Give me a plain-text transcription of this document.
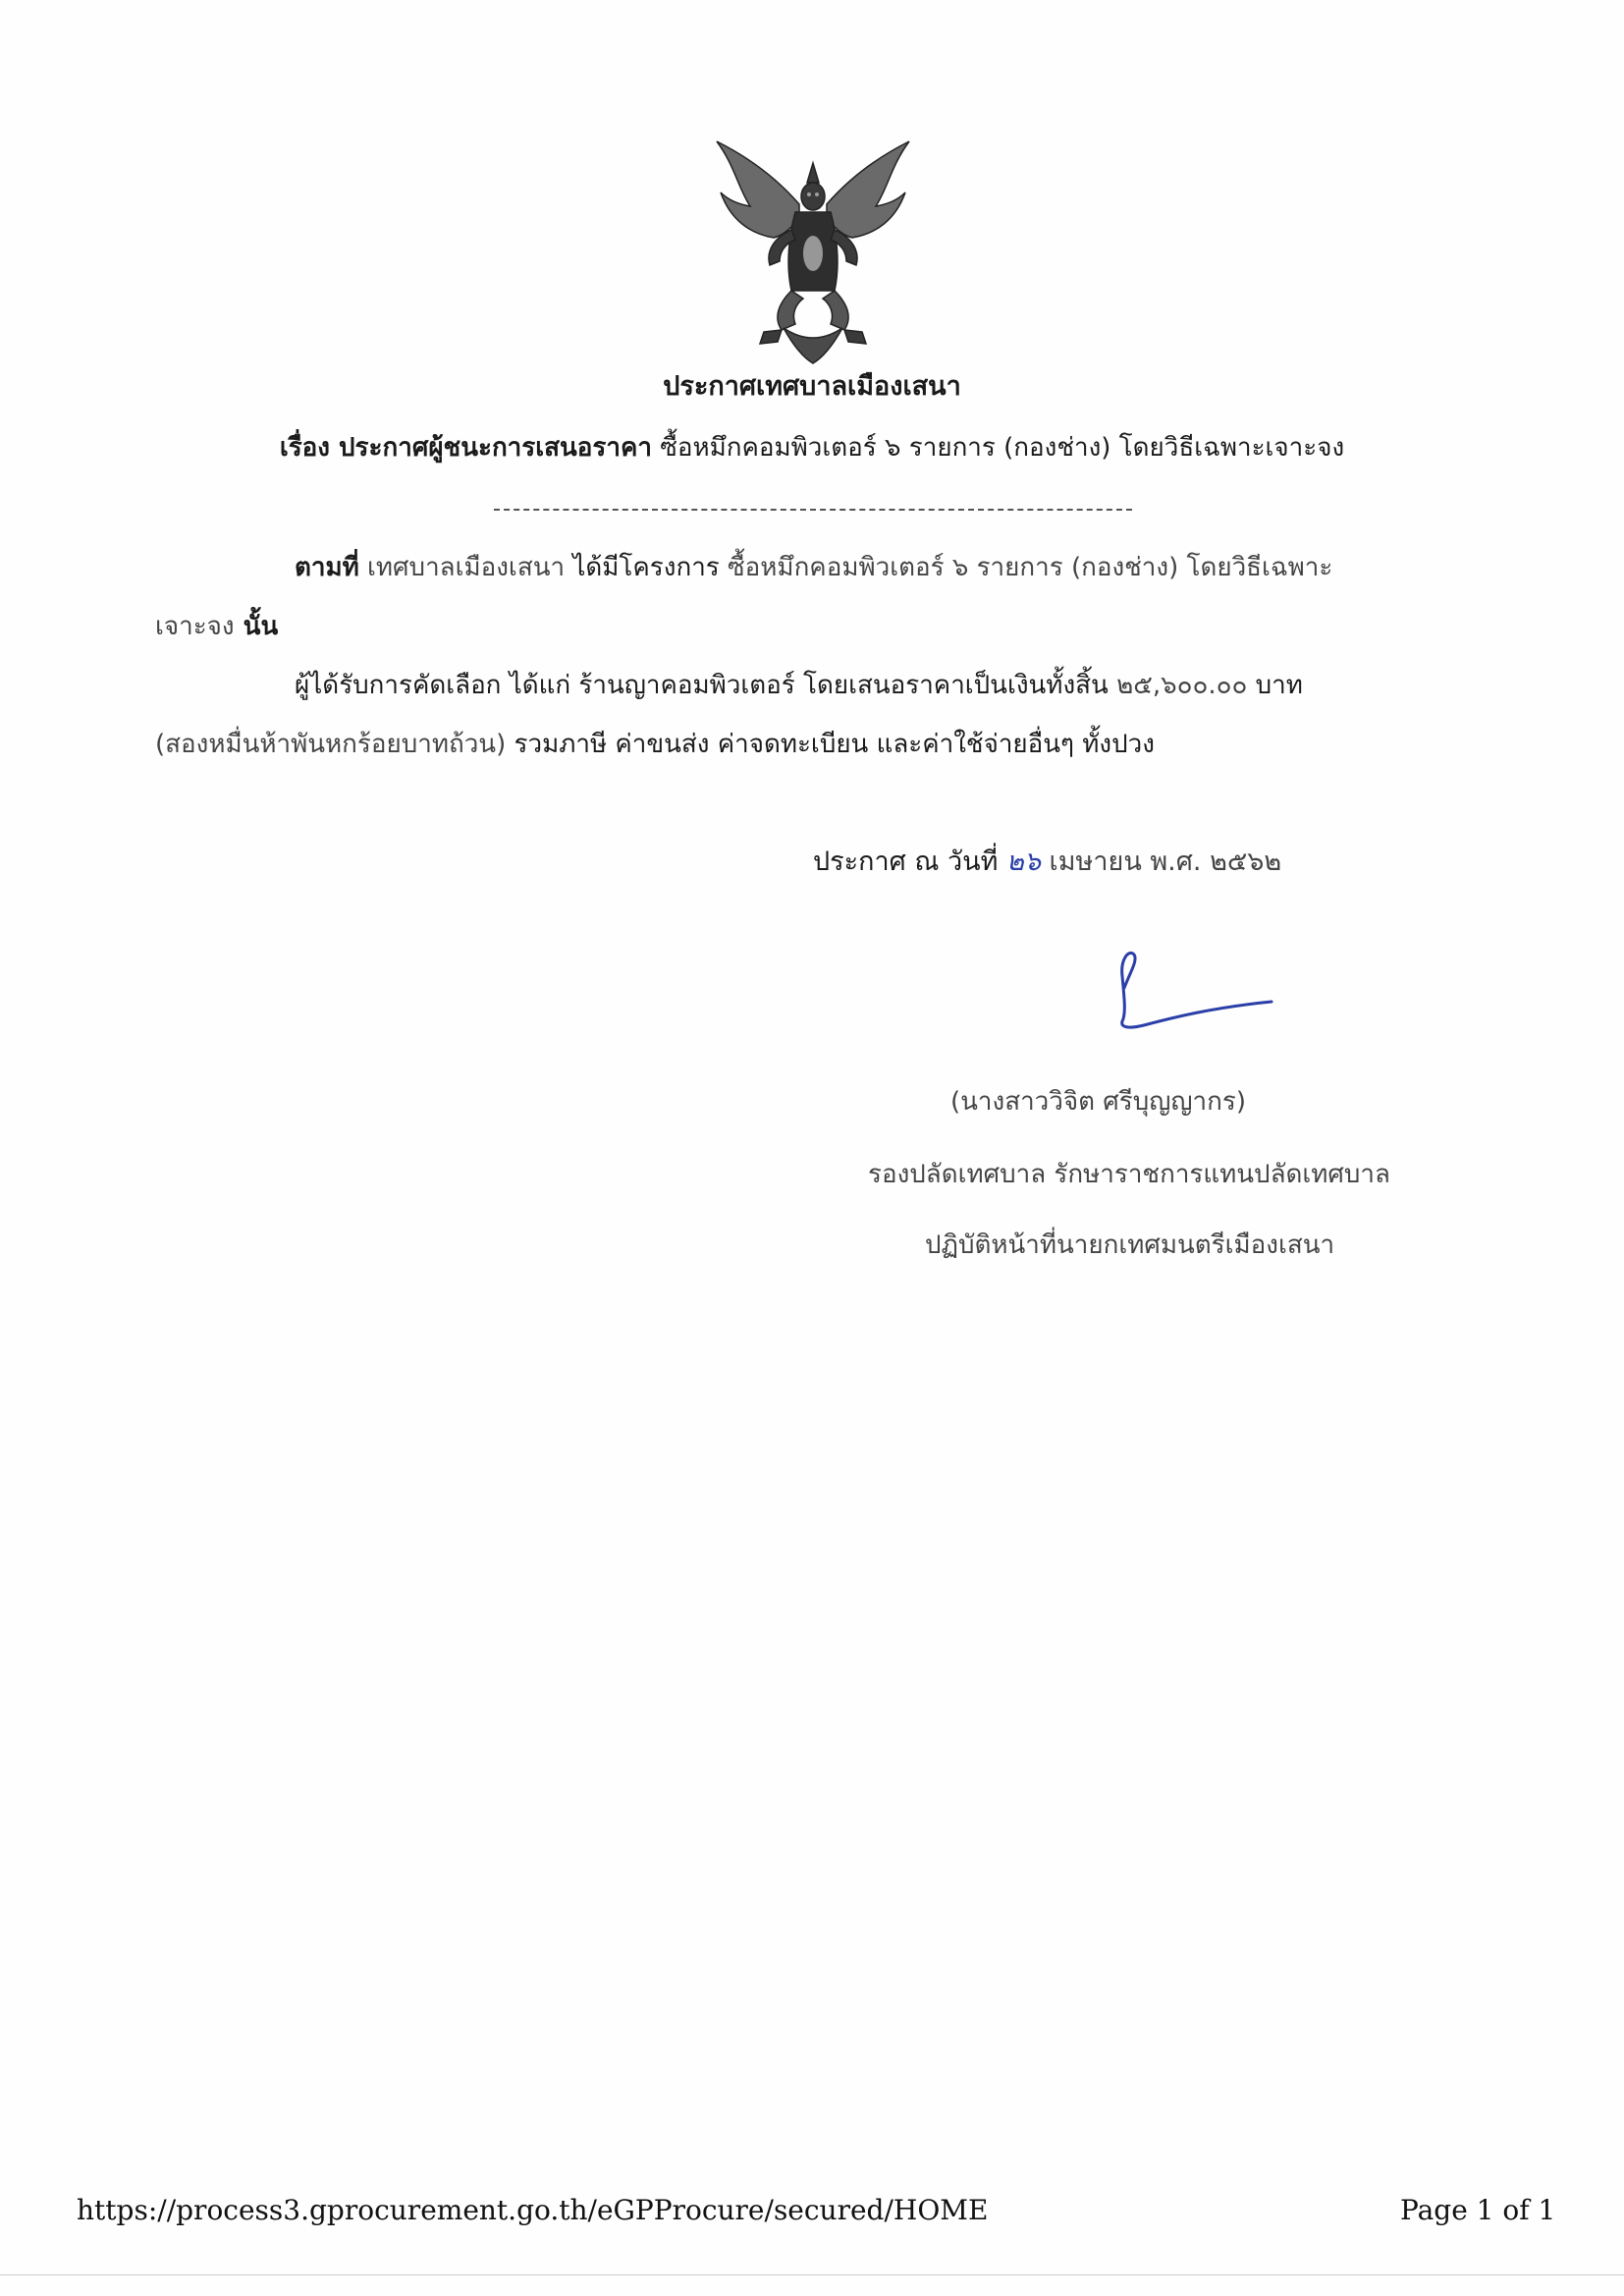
ประกาศเทศบาลเมืองเสนา
เรื่อง ประกาศผู้ชนะการเสนอราคา ซื้อหมึกคอมพิวเตอร์ ๖ รายการ (กองช่าง) โดยวิธีเฉพาะเจาะจง
ตามที่ เทศบาลเมืองเสนา ได้มีโครงการ ซื้อหมึกคอมพิวเตอร์ ๖ รายการ (กองช่าง) โดยวิธีเฉพาะ
เจาะจง นั้น
ผู้ได้รับการคัดเลือก ได้แก่ ร้านญาคอมพิวเตอร์ โดยเสนอราคาเป็นเงินทั้งสิ้น ๒๕,๖๐๐.๐๐ บาท
(สองหมื่นห้าพันหกร้อยบาทถ้วน) รวมภาษี ค่าขนส่ง ค่าจดทะเบียน และค่าใช้จ่ายอื่นๆ ทั้งปวง
ประกาศ ณ วันที่ ๒๖ เมษายน พ.ศ. ๒๕๖๒
(นางสาววิจิต ศรีบุญญากร)
รองปลัดเทศบาล รักษาราชการแทนปลัดเทศบาล
ปฏิบัติหน้าที่นายกเทศมนตรีเมืองเสนา
https://process3.gprocurement.go.th/eGPProcure/secured/HOME	Page 1 of 1
